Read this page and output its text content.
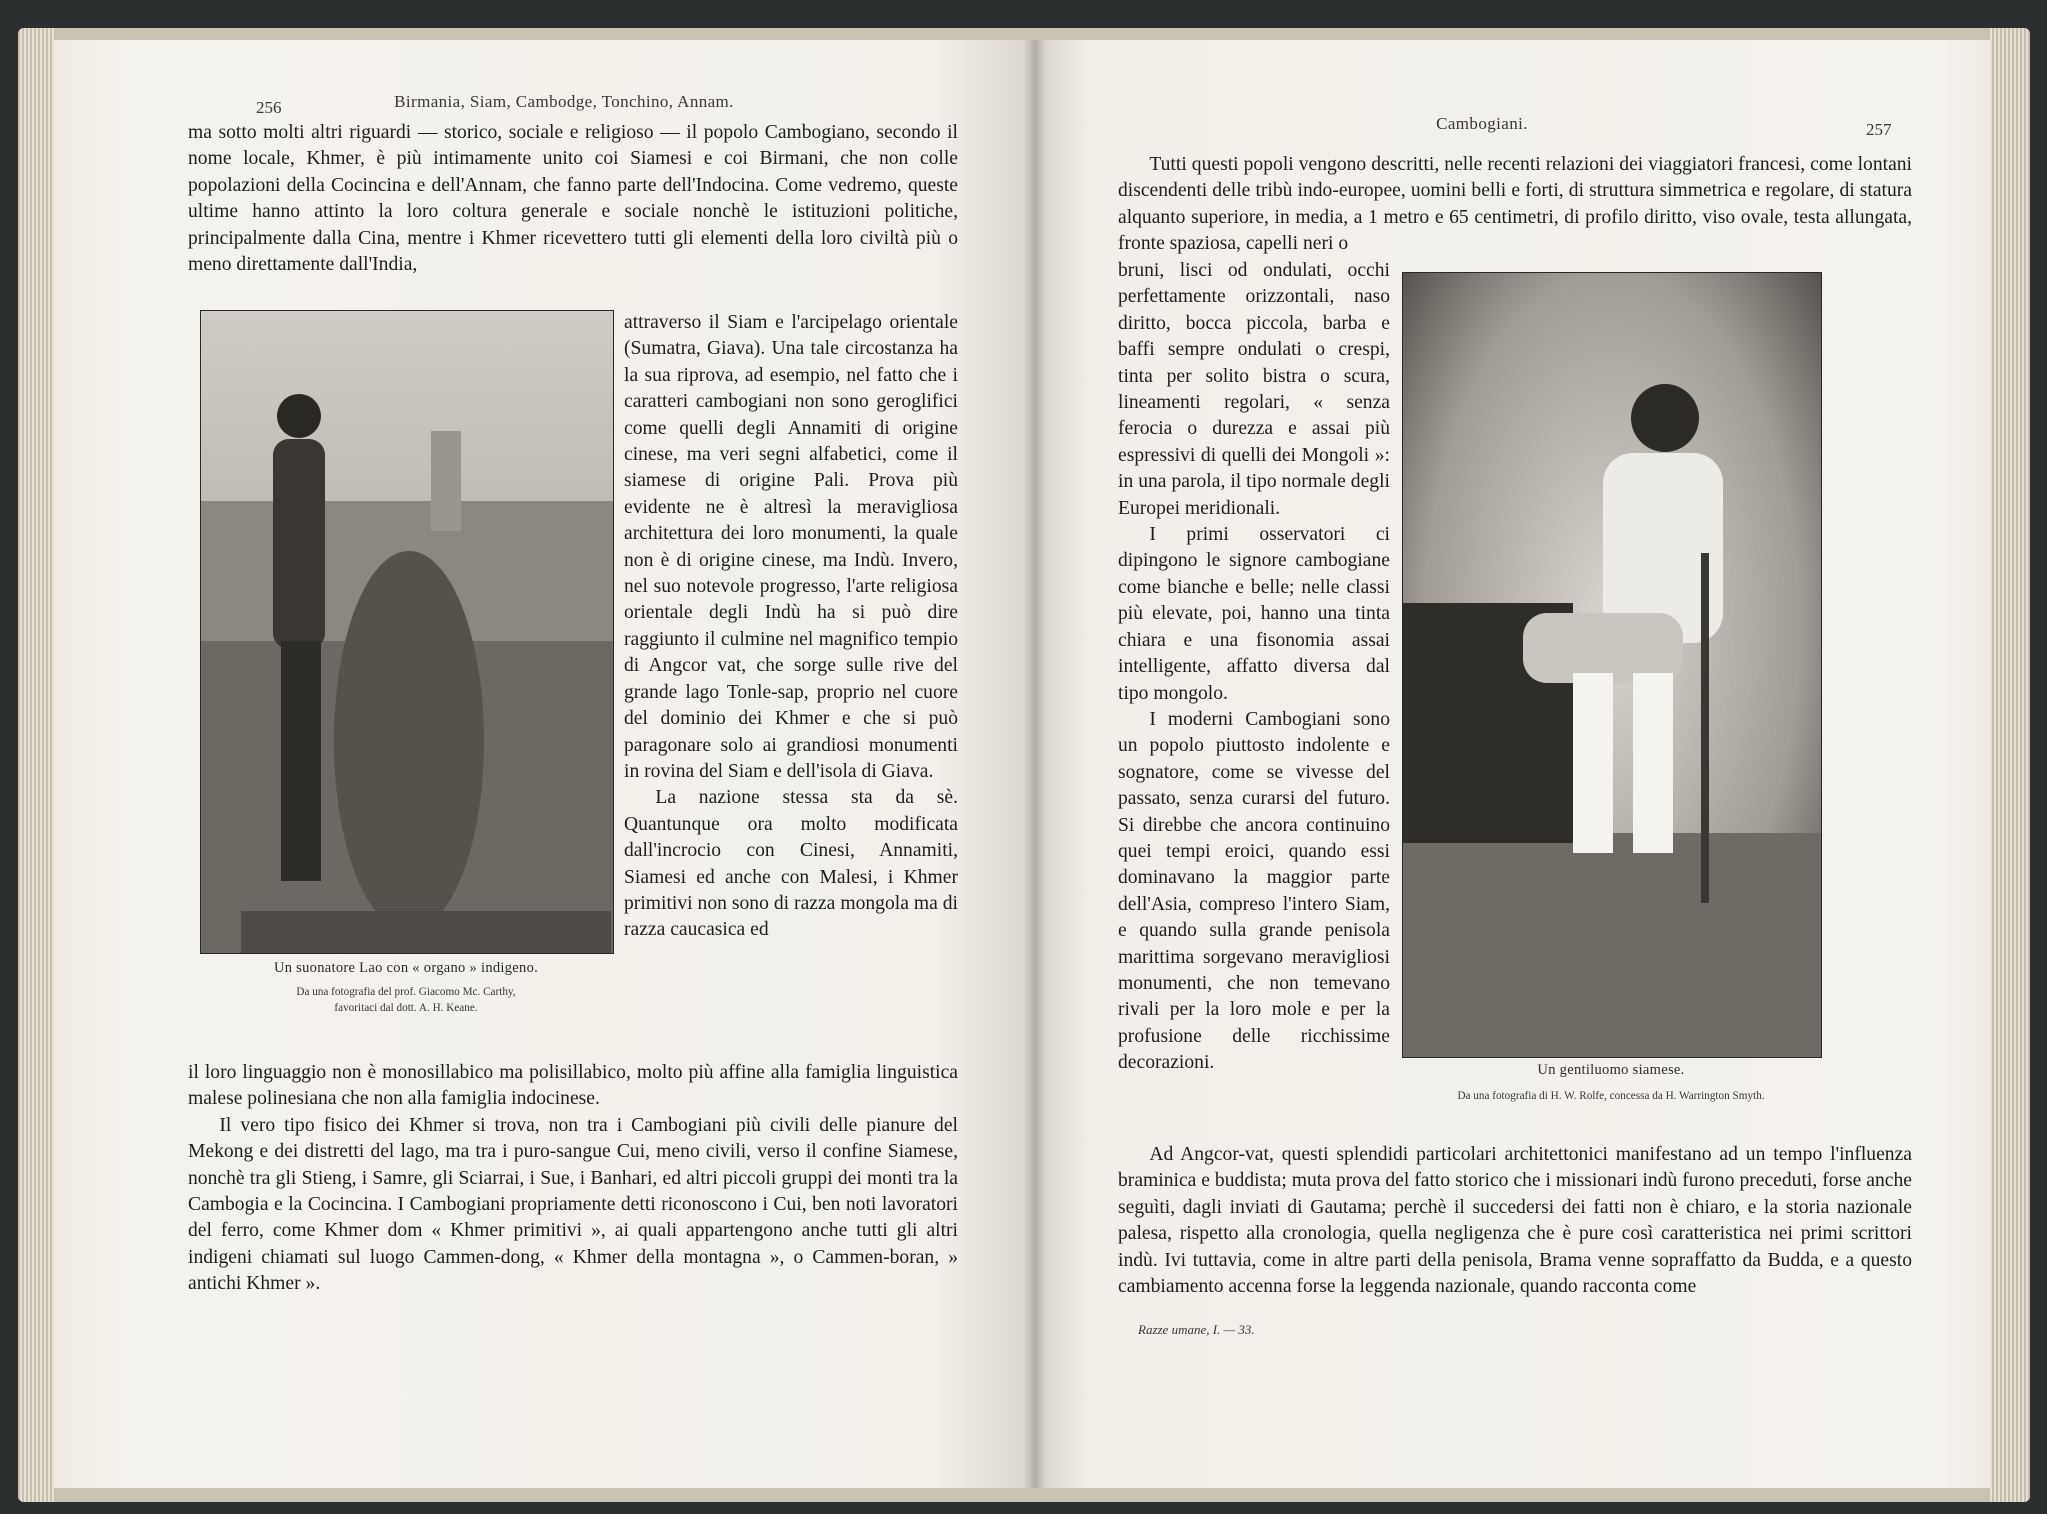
256	Birmania, Siam, Cambodge, Tonchino, Annam.

ma sotto molti altri riguardi — storico, sociale e religioso — il popolo Cambogiano, secondo il nome locale, Khmer, è più intimamente unito coi Siamesi e coi Birmani, che non colle popolazioni della Cocincina e dell'Annam, che fanno parte dell'Indocina. Come vedremo, queste ultime hanno attinto la loro coltura generale e sociale nonchè le istituzioni politiche, principalmente dalla Cina, mentre i Khmer ricevettero tutti gli elementi della loro civiltà più o meno direttamente dall'India,

Un suonatore Lao con « organo » indigeno.
Da una fotografia del prof. Giacomo Mc. Carthy,
favoritaci dal dott. A. H. Keane.

attraverso il Siam e l'arcipelago orientale (Sumatra, Giava). Una tale circostanza ha la sua riprova, ad esempio, nel fatto che i caratteri cambogiani non sono geroglifici come quelli degli Annamiti di origine cinese, ma veri segni alfabetici, come il siamese di origine Pali. Prova più evidente ne è altresì la meravigliosa architettura dei loro monumenti, la quale non è di origine cinese, ma Indù. Invero, nel suo notevole progresso, l'arte religiosa orientale degli Indù ha si può dire raggiunto il culmine nel magnifico tempio di Angcor vat, che sorge sulle rive del grande lago Tonle-sap, proprio nel cuore del dominio dei Khmer e che si può paragonare solo ai grandiosi monumenti in rovina del Siam e dell'isola di Giava.

La nazione stessa sta da sè. Quantunque ora molto modificata dall'incrocio con Cinesi, Annamiti, Siamesi ed anche con Malesi, i Khmer primitivi non sono di razza mongola ma di razza caucasica ed

il loro linguaggio non è monosillabico ma polisillabico, molto più affine alla famiglia linguistica malese polinesiana che non alla famiglia indocinese.

Il vero tipo fisico dei Khmer si trova, non tra i Cambogiani più civili delle pianure del Mekong e dei distretti del lago, ma tra i puro-sangue Cui, meno civili, verso il confine Siamese, nonchè tra gli Stieng, i Samre, gli Sciarrai, i Sue, i Banhari, ed altri piccoli gruppi dei monti tra la Cambogia e la Cocincina. I Cambogiani propriamente detti riconoscono i Cui, ben noti lavoratori del ferro, come Khmer dom « Khmer primitivi », ai quali appartengono anche tutti gli altri indigeni chiamati sul luogo Cammen-dong, « Khmer della montagna », o Cammen-boran, » antichi Khmer ».

Cambogiani.	257

Tutti questi popoli vengono descritti, nelle recenti relazioni dei viaggiatori francesi, come lontani discendenti delle tribù indo-europee, uomini belli e forti, di struttura simmetrica e regolare, di statura alquanto superiore, in media, a 1 metro e 65 centimetri, di profilo diritto, viso ovale, testa allungata, fronte spaziosa, capelli neri o

bruni, lisci od ondulati, occhi perfettamente orizzontali, naso diritto, bocca piccola, barba e baffi sempre ondulati o crespi, tinta per solito bistra o scura, lineamenti regolari, « senza ferocia o durezza e assai più espressivi di quelli dei Mongoli »: in una parola, il tipo normale degli Europei meridionali.

I primi osservatori ci dipingono le signore cambogiane come bianche e belle; nelle classi più elevate, poi, hanno una tinta chiara e una fisonomia assai intelligente, affatto diversa dal tipo mongolo.

I moderni Cambogiani sono un popolo piuttosto indolente e sognatore, come se vivesse del passato, senza curarsi del futuro. Si direbbe che ancora continuino quei tempi eroici, quando essi dominavano la maggior parte dell'Asia, compreso l'intero Siam, e quando sulla grande penisola marittima sorgevano meravigliosi monumenti, che non temevano rivali per la loro mole e per la profusione delle ricchissime decorazioni.	Un gentiluomo siamese.
Da una fotografia di H. W. Rolfe, concessa da H. Warrington Smyth.

Ad Angcor-vat, questi splendidi particolari architettonici manifestano ad un tempo l'influenza braminica e buddista; muta prova del fatto storico che i missionari indù furono preceduti, forse anche seguìti, dagli inviati di Gautama; perchè il succedersi dei fatti non è chiaro, e la storia nazionale palesa, rispetto alla cronologia, quella negligenza che è pure così caratteristica nei primi scrittori indù. Ivi tuttavia, come in altre parti della penisola, Brama venne sopraffatto da Budda, e a questo cambiamento accenna forse la leggenda nazionale, quando racconta come

Razze umane, I. — 33.
